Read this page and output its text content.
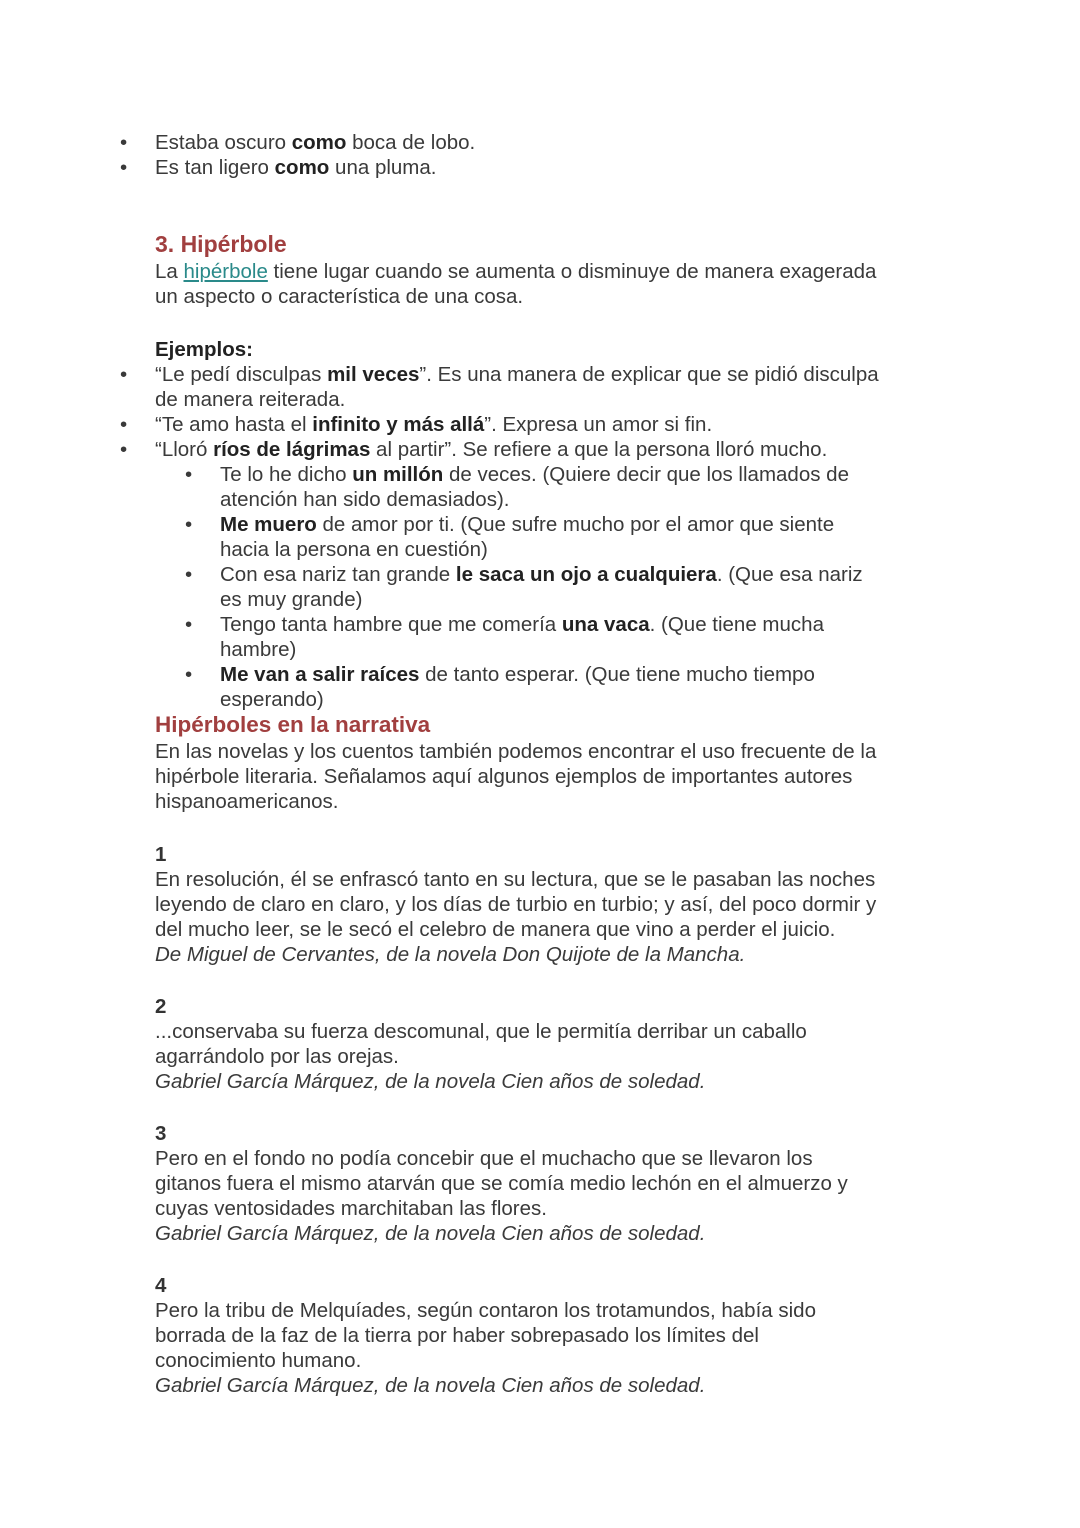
• Estaba oscuro como boca de lobo.
• Es tan ligero como una pluma.
3. Hipérbole
La hipérbole tiene lugar cuando se aumenta o disminuye de manera exagerada
un aspecto o característica de una cosa.
Ejemplos:
• “Le pedí disculpas mil veces”. Es una manera de explicar que se pidió disculpa
de manera reiterada.
• “Te amo hasta el infinito y más allá”. Expresa un amor si fin.
• “Lloró ríos de lágrimas al partir”. Se refiere a que la persona lloró mucho.
• Te lo he dicho un millón de veces. (Quiere decir que los llamados de
atención han sido demasiados).
• Me muero de amor por ti. (Que sufre mucho por el amor que siente
hacia la persona en cuestión)
• Con esa nariz tan grande le saca un ojo a cualquiera. (Que esa nariz
es muy grande)
• Tengo tanta hambre que me comería una vaca. (Que tiene mucha
hambre)
• Me van a salir raíces de tanto esperar. (Que tiene mucho tiempo
esperando)
Hipérboles en la narrativa
En las novelas y los cuentos también podemos encontrar el uso frecuente de la
hipérbole literaria. Señalamos aquí algunos ejemplos de importantes autores
hispanoamericanos.
1
En resolución, él se enfrascó tanto en su lectura, que se le pasaban las noches
leyendo de claro en claro, y los días de turbio en turbio; y así, del poco dormir y
del mucho leer, se le secó el celebro de manera que vino a perder el juicio.
De Miguel de Cervantes, de la novela Don Quijote de la Mancha.
2
...conservaba su fuerza descomunal, que le permitía derribar un caballo
agarrándolo por las orejas.
Gabriel García Márquez, de la novela Cien años de soledad.
3
Pero en el fondo no podía concebir que el muchacho que se llevaron los
gitanos fuera el mismo atarván que se comía medio lechón en el almuerzo y
cuyas ventosidades marchitaban las flores.
Gabriel García Márquez, de la novela Cien años de soledad.
4
Pero la tribu de Melquíades, según contaron los trotamundos, había sido
borrada de la faz de la tierra por haber sobrepasado los límites del
conocimiento humano.
Gabriel García Márquez, de la novela Cien años de soledad.
